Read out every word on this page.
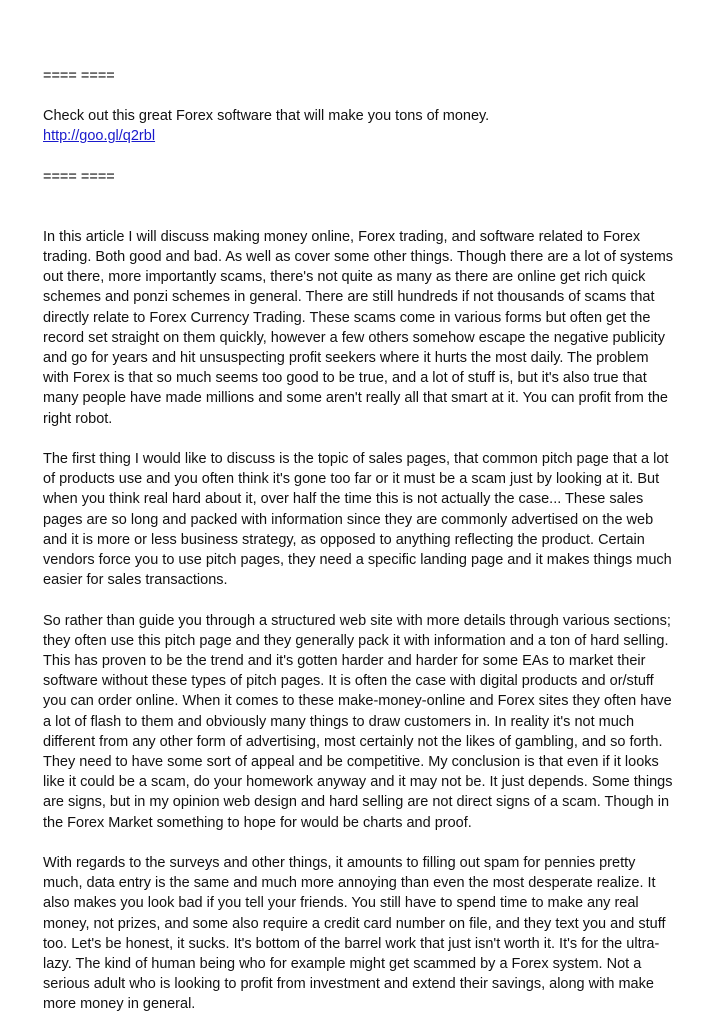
==== ====
Check out this great Forex software that will make you tons of money.
http://goo.gl/q2rbl
==== ====
In this article I will discuss making money online, Forex trading, and software related to Forex
trading. Both good and bad. As well as cover some other things. Though there are a lot of systems
out there, more importantly scams, there's not quite as many as there are online get rich quick
schemes and ponzi schemes in general. There are still hundreds if not thousands of scams that
directly relate to Forex Currency Trading. These scams come in various forms but often get the
record set straight on them quickly, however a few others somehow escape the negative publicity
and go for years and hit unsuspecting profit seekers where it hurts the most daily. The problem
with Forex is that so much seems too good to be true, and a lot of stuff is, but it's also true that
many people have made millions and some aren't really all that smart at it. You can profit from the
right robot.
The first thing I would like to discuss is the topic of sales pages, that common pitch page that a lot
of products use and you often think it's gone too far or it must be a scam just by looking at it. But
when you think real hard about it, over half the time this is not actually the case... These sales
pages are so long and packed with information since they are commonly advertised on the web
and it is more or less business strategy, as opposed to anything reflecting the product. Certain
vendors force you to use pitch pages, they need a specific landing page and it makes things much
easier for sales transactions.
So rather than guide you through a structured web site with more details through various sections;
they often use this pitch page and they generally pack it with information and a ton of hard selling.
This has proven to be the trend and it's gotten harder and harder for some EAs to market their
software without these types of pitch pages. It is often the case with digital products and or/stuff
you can order online. When it comes to these make-money-online and Forex sites they often have
a lot of flash to them and obviously many things to draw customers in. In reality it's not much
different from any other form of advertising, most certainly not the likes of gambling, and so forth.
They need to have some sort of appeal and be competitive. My conclusion is that even if it looks
like it could be a scam, do your homework anyway and it may not be. It just depends. Some things
are signs, but in my opinion web design and hard selling are not direct signs of a scam. Though in
the Forex Market something to hope for would be charts and proof.
With regards to the surveys and other things, it amounts to filling out spam for pennies pretty
much, data entry is the same and much more annoying than even the most desperate realize. It
also makes you look bad if you tell your friends. You still have to spend time to make any real
money, not prizes, and some also require a credit card number on file, and they text you and stuff
too. Let's be honest, it sucks. It's bottom of the barrel work that just isn't worth it. It's for the ultra-
lazy. The kind of human being who for example might get scammed by a Forex system. Not a
serious adult who is looking to profit from investment and extend their savings, along with make
more money in general.
